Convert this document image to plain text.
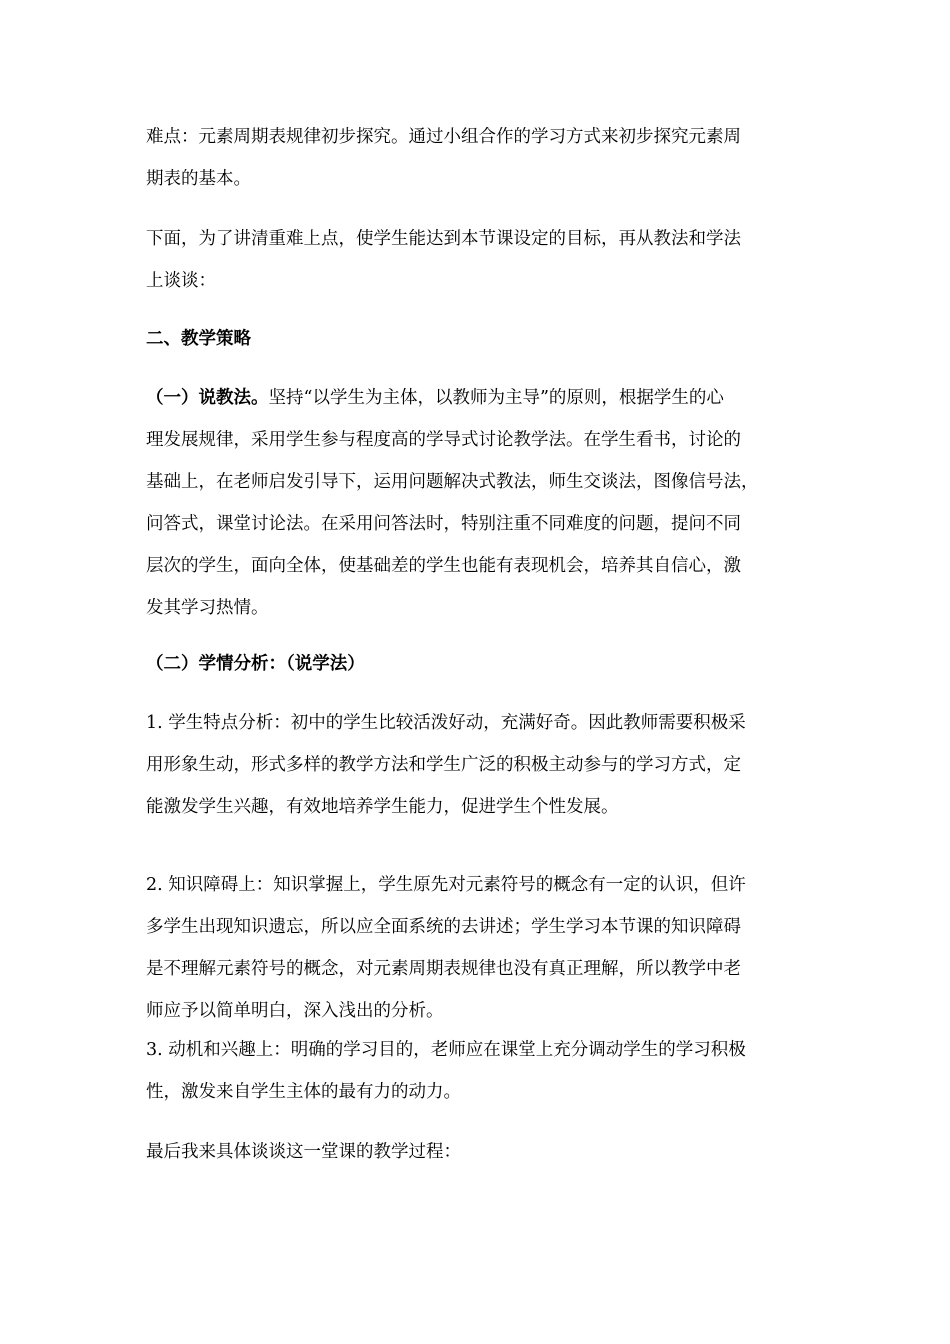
难点：元素周期表规律初步探究。通过小组合作的学习方式来初步探究元素周
期表的基本。

下面，为了讲清重难上点，使学生能达到本节课设定的目标，再从教法和学法
上谈谈：

二、教学策略

（一）说教法。坚持“以学生为主体，以教师为主导”的原则，根据学生的心
理发展规律，采用学生参与程度高的学导式讨论教学法。在学生看书，讨论的
基础上，在老师启发引导下，运用问题解决式教法，师生交谈法，图像信号法，
问答式，课堂讨论法。在采用问答法时，特别注重不同难度的问题，提问不同
层次的学生，面向全体，使基础差的学生也能有表现机会，培养其自信心，激
发其学习热情。

（二）学情分析：（说学法）

1. 学生特点分析：初中的学生比较活泼好动，充满好奇。因此教师需要积极采
用形象生动，形式多样的教学方法和学生广泛的积极主动参与的学习方式，定
能激发学生兴趣，有效地培养学生能力，促进学生个性发展。

2. 知识障碍上：知识掌握上，学生原先对元素符号的概念有一定的认识，但许
多学生出现知识遗忘，所以应全面系统的去讲述；学生学习本节课的知识障碍
是不理解元素符号的概念，对元素周期表规律也没有真正理解，所以教学中老
师应予以简单明白，深入浅出的分析。

3. 动机和兴趣上：明确的学习目的，老师应在课堂上充分调动学生的学习积极
性，激发来自学生主体的最有力的动力。

最后我来具体谈谈这一堂课的教学过程：
